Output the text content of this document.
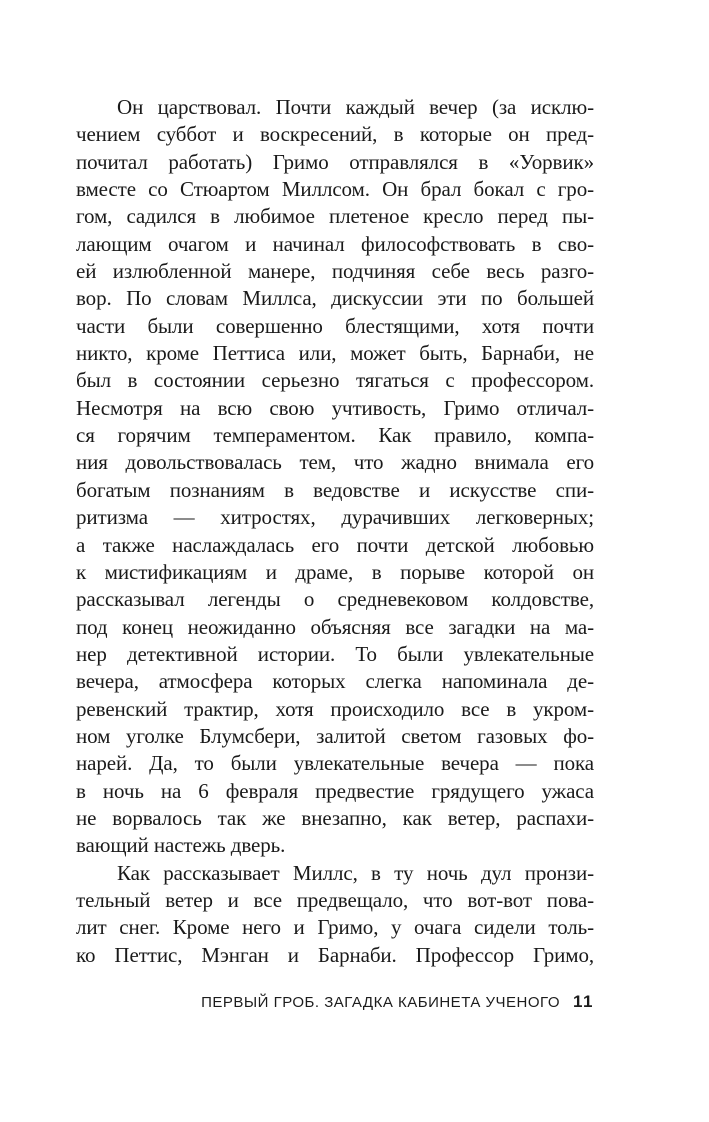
Он царствовал. Почти каждый вечер (за исклю-
чением суббот и воскресений, в которые он пред-
почитал работать) Гримо отправлялся в «Уорвик»
вместе со Стюартом Миллсом. Он брал бокал с гро-
гом, садился в любимое плетеное кресло перед пы-
лающим очагом и начинал философствовать в сво-
ей излюбленной манере, подчиняя себе весь разго-
вор. По словам Миллса, дискуссии эти по большей
части были совершенно блестящими, хотя почти
никто, кроме Петтиса или, может быть, Барнаби, не
был в состоянии серьезно тягаться с профессором.
Несмотря на всю свою учтивость, Гримо отличал-
ся горячим темпераментом. Как правило, компа-
ния довольствовалась тем, что жадно внимала его
богатым познаниям в ведовстве и искусстве спи-
ритизма — хитростях, дурачивших легковерных;
а также наслаждалась его почти детской любовью
к мистификациям и драме, в порыве которой он
рассказывал легенды о средневековом колдовстве,
под конец неожиданно объясняя все загадки на ма-
нер детективной истории. То были увлекательные
вечера, атмосфера которых слегка напоминала де-
ревенский трактир, хотя происходило все в укром-
ном уголке Блумсбери, залитой светом газовых фо-
нарей. Да, то были увлекательные вечера — пока
в ночь на 6 февраля предвестие грядущего ужаса
не ворвалось так же внезапно, как ветер, распахи-
вающий настежь дверь.
Как рассказывает Миллс, в ту ночь дул пронзи-
тельный ветер и все предвещало, что вот-вот пова-
лит снег. Кроме него и Гримо, у очага сидели толь-
ко Петтис, Мэнган и Барнаби. Профессор Гримо,
ПЕРВЫЙ ГРОБ. ЗАГАДКА КАБИНЕТА УЧЕНОГО 11
